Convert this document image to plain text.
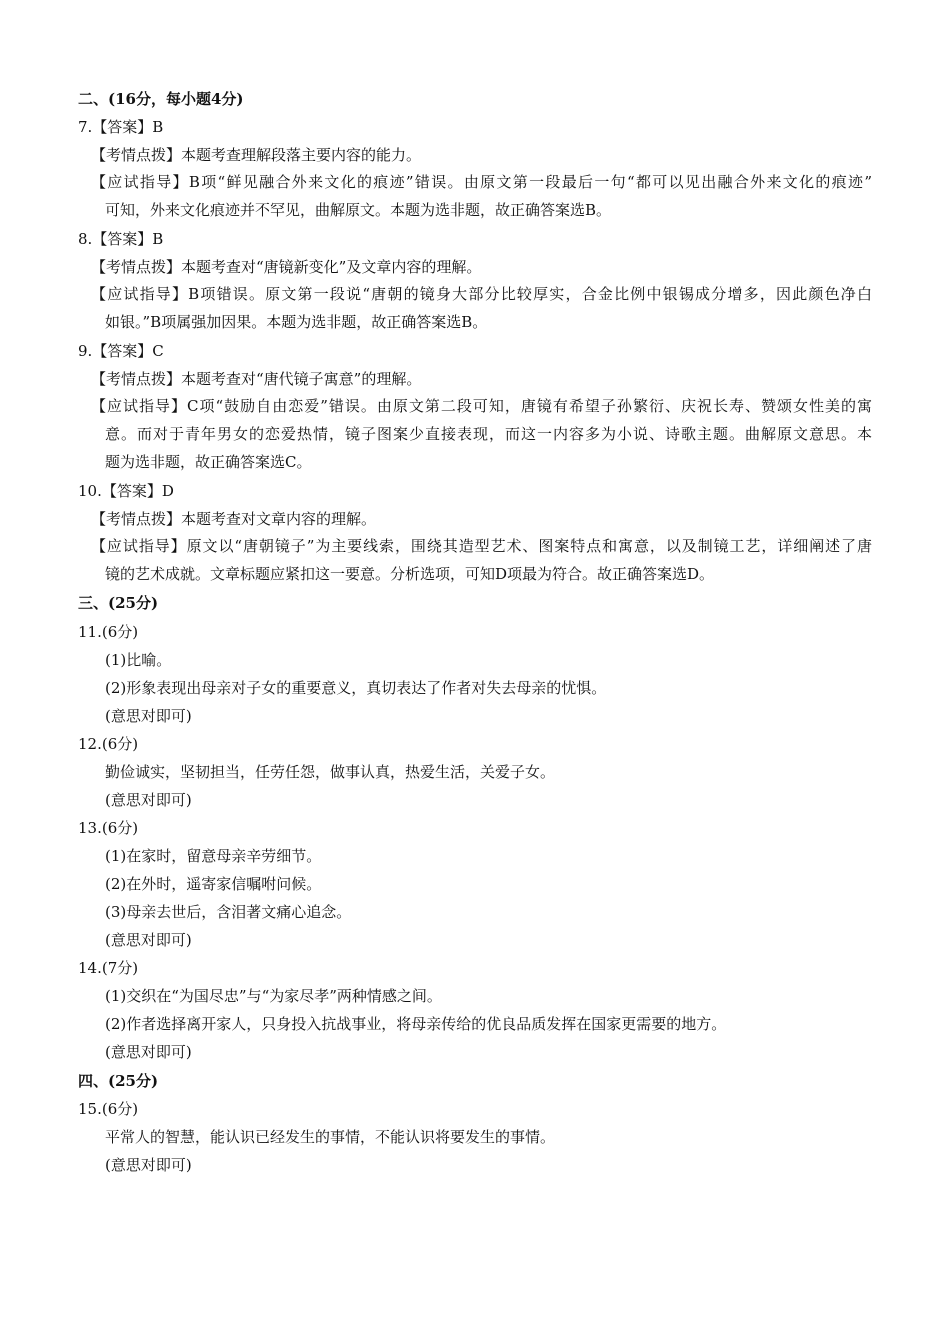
二、(16分，每小题4分)
7.【答案】B
【考情点拨】本题考查理解段落主要内容的能力。
【应试指导】B项“鲜见融合外来文化的痕迹”错误。由原文第一段最后一句“都可以见出融合外来文化的痕迹”
可知，外来文化痕迹并不罕见，曲解原文。本题为选非题，故正确答案选B。
8.【答案】B
【考情点拨】本题考查对“唐镜新变化”及文章内容的理解。
【应试指导】B项错误。原文第一段说“唐朝的镜身大部分比较厚实，合金比例中银锡成分增多，因此颜色净白
如银。”B项属强加因果。本题为选非题，故正确答案选B。
9.【答案】C
【考情点拨】本题考查对“唐代镜子寓意”的理解。
【应试指导】C项“鼓励自由恋爱”错误。由原文第二段可知，唐镜有希望子孙繁衍、庆祝长寿、赞颂女性美的寓
意。而对于青年男女的恋爱热情，镜子图案少直接表现，而这一内容多为小说、诗歌主题。曲解原文意思。本
题为选非题，故正确答案选C。
10.【答案】D
【考情点拨】本题考查对文章内容的理解。
【应试指导】原文以“唐朝镜子”为主要线索，围绕其造型艺术、图案特点和寓意，以及制镜工艺，详细阐述了唐
镜的艺术成就。文章标题应紧扣这一要意。分析选项，可知D项最为符合。故正确答案选D。
三、(25分)
11.(6分)
(1)比喻。
(2)形象表现出母亲对子女的重要意义，真切表达了作者对失去母亲的忧惧。
(意思对即可)
12.(6分)
勤俭诚实，坚韧担当，任劳任怨，做事认真，热爱生活，关爱子女。
(意思对即可)
13.(6分)
(1)在家时，留意母亲辛劳细节。
(2)在外时，遥寄家信嘱咐问候。
(3)母亲去世后，含泪著文痛心追念。
(意思对即可)
14.(7分)
(1)交织在“为国尽忠”与“为家尽孝”两种情感之间。
(2)作者选择离开家人，只身投入抗战事业，将母亲传给的优良品质发挥在国家更需要的地方。
(意思对即可)
四、(25分)
15.(6分)
平常人的智慧，能认识已经发生的事情，不能认识将要发生的事情。
(意思对即可)
